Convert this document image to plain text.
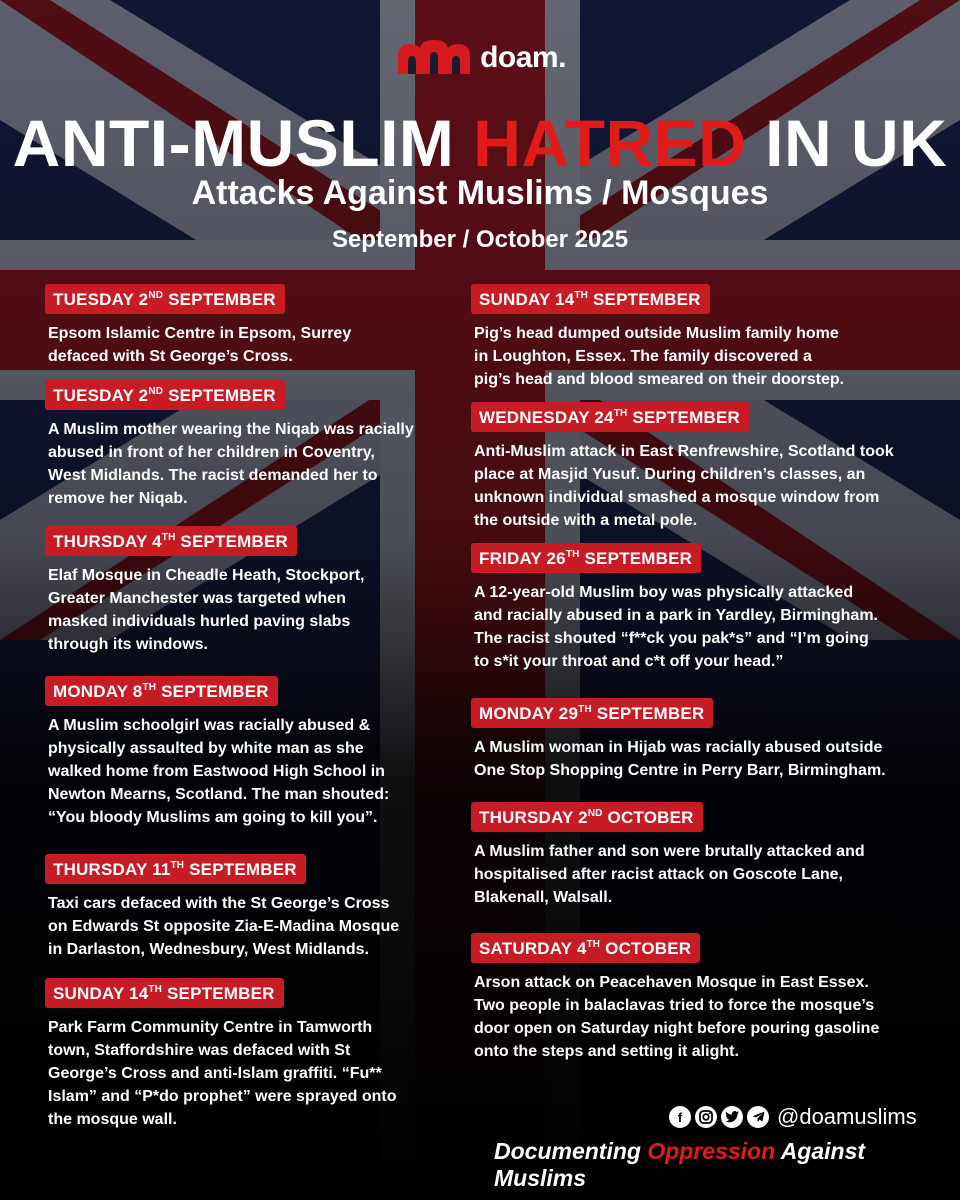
doam.
ANTI-MUSLIM HATRED IN UK
Attacks Against Muslims / Mosques
September / October 2025
TUESDAY 2ND SEPTEMBER
Epsom Islamic Centre in Epsom, Surrey
defaced with St George’s Cross.
TUESDAY 2ND SEPTEMBER
A Muslim mother wearing the Niqab was racially
abused in front of her children in Coventry,
West Midlands. The racist demanded her to
remove her Niqab.
THURSDAY 4TH SEPTEMBER
Elaf Mosque in Cheadle Heath, Stockport,
Greater Manchester was targeted when
masked individuals hurled paving slabs
through its windows.
MONDAY 8TH SEPTEMBER
A Muslim schoolgirl was racially abused &
physically assaulted by white man as she
walked home from Eastwood High School in
Newton Mearns, Scotland. The man shouted:
“You bloody Muslims am going to kill you”.
THURSDAY 11TH SEPTEMBER
Taxi cars defaced with the St George’s Cross
on Edwards St opposite Zia-E-Madina Mosque
in Darlaston, Wednesbury, West Midlands.
SUNDAY 14TH SEPTEMBER
Park Farm Community Centre in Tamworth
town, Staffordshire was defaced with St
George’s Cross and anti-Islam graffiti. “Fu**
Islam” and “P*do prophet” were sprayed onto
the mosque wall.
SUNDAY 14TH SEPTEMBER
Pig’s head dumped outside Muslim family home
in Loughton, Essex. The family discovered a
pig’s head and blood smeared on their doorstep.
WEDNESDAY 24TH SEPTEMBER
Anti-Muslim attack in East Renfrewshire, Scotland took
place at Masjid Yusuf. During children’s classes, an
unknown individual smashed a mosque window from
the outside with a metal pole.
FRIDAY 26TH SEPTEMBER
A 12-year-old Muslim boy was physically attacked
and racially abused in a park in Yardley, Birmingham.
The racist shouted “f**ck you pak*s” and “I’m going
to s*it your throat and c*t off your head.”
MONDAY 29TH SEPTEMBER
A Muslim woman in Hijab was racially abused outside
One Stop Shopping Centre in Perry Barr, Birmingham.
THURSDAY 2ND OCTOBER
A Muslim father and son were brutally attacked and
hospitalised after racist attack on Goscote Lane,
Blakenall, Walsall.
SATURDAY 4TH OCTOBER
Arson attack on Peacehaven Mosque in East Essex.
Two people in balaclavas tried to force the mosque’s
door open on Saturday night before pouring gasoline
onto the steps and setting it alight.
f	@doamuslims
Documenting Oppression Against Muslims
